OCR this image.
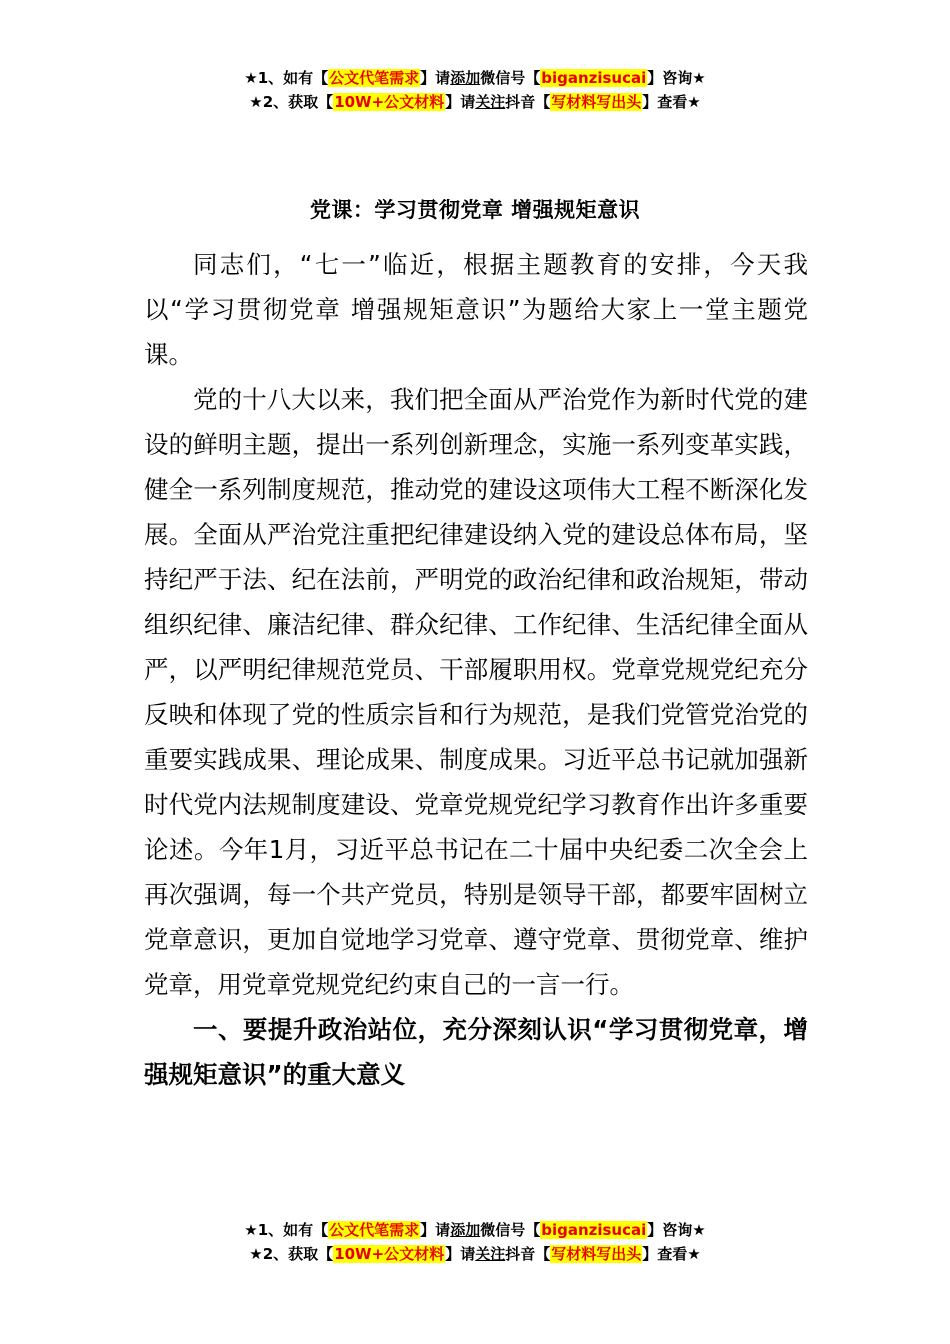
★1、如有【公文代笔需求】请添加微信号【biganzisucai】咨询★
★2、获取【10W+公文材料】请关注抖音【写材料写出头】查看★
党课：学习贯彻党章 增强规矩意识

同志们，“七一”临近，根据主题教育的安排，今天我以“学习贯彻党章 增强规矩意识”为题给大家上一堂主题党课。

党的十八大以来，我们把全面从严治党作为新时代党的建设的鲜明主题，提出一系列创新理念，实施一系列变革实践，健全一系列制度规范，推动党的建设这项伟大工程不断深化发展。全面从严治党注重把纪律建设纳入党的建设总体布局，坚持纪严于法、纪在法前，严明党的政治纪律和政治规矩，带动组织纪律、廉洁纪律、群众纪律、工作纪律、生活纪律全面从严，以严明纪律规范党员、干部履职用权。党章党规党纪充分反映和体现了党的性质宗旨和行为规范，是我们党管党治党的重要实践成果、理论成果、制度成果。习近平总书记就加强新时代党内法规制度建设、党章党规党纪学习教育作出许多重要论述。今年1月，习近平总书记在二十届中央纪委二次全会上再次强调，每一个共产党员，特别是领导干部，都要牢固树立党章意识，更加自觉地学习党章、遵守党章、贯彻党章、维护党章，用党章党规党纪约束自己的一言一行。

一、要提升政治站位，充分深刻认识“学习贯彻党章，增强规矩意识”的重大意义

★1、如有【公文代笔需求】请添加微信号【biganzisucai】咨询★
★2、获取【10W+公文材料】请关注抖音【写材料写出头】查看★
